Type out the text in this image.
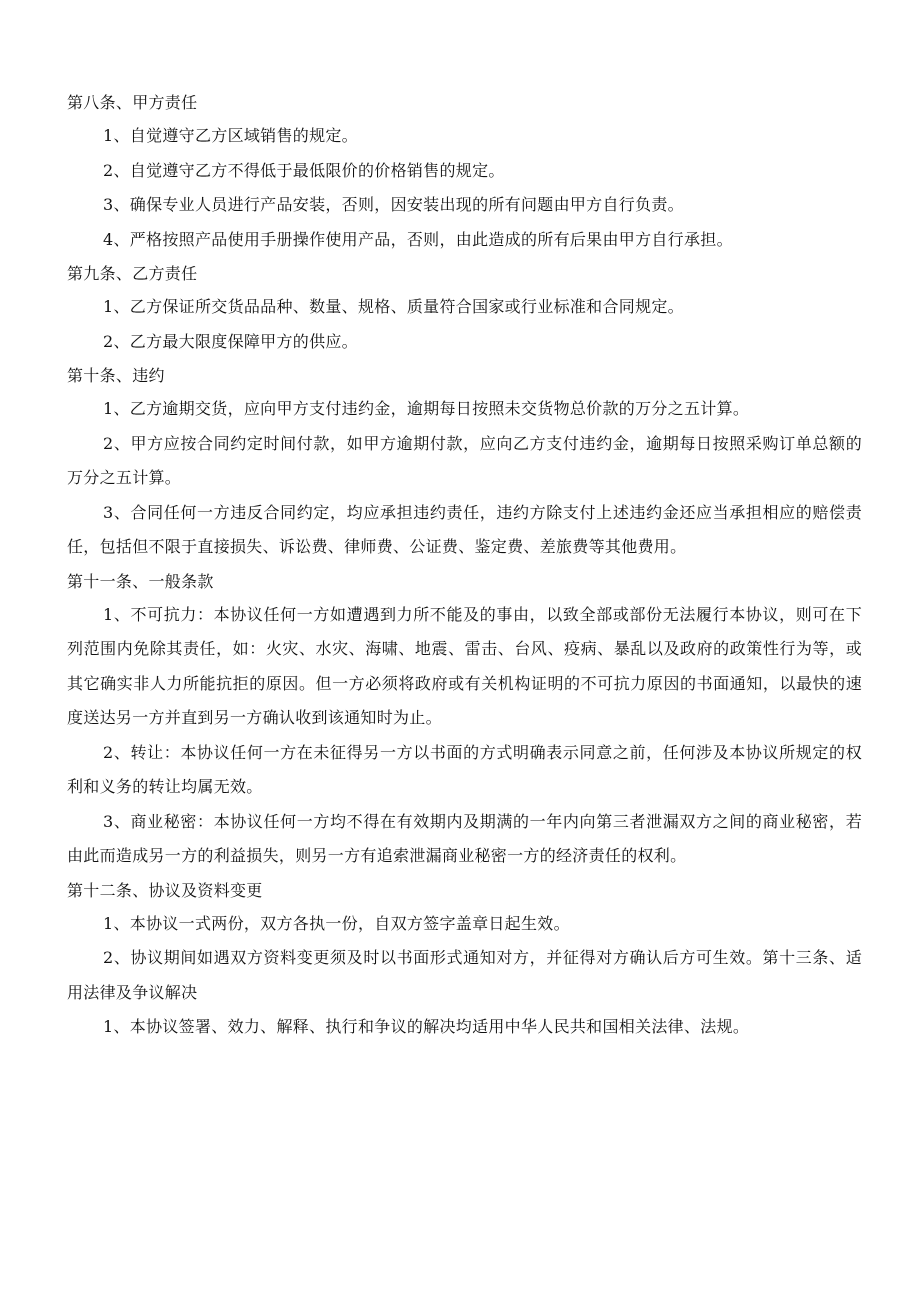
第八条、甲方责任

1、自觉遵守乙方区域销售的规定。

2、自觉遵守乙方不得低于最低限价的价格销售的规定。

3、确保专业人员进行产品安装，否则，因安装出现的所有问题由甲方自行负责。

4、严格按照产品使用手册操作使用产品，否则，由此造成的所有后果由甲方自行承担。

第九条、乙方责任

1、乙方保证所交货品品种、数量、规格、质量符合国家或行业标准和合同规定。

2、乙方最大限度保障甲方的供应。

第十条、违约

1、乙方逾期交货，应向甲方支付违约金，逾期每日按照未交货物总价款的万分之五计算。

2、甲方应按合同约定时间付款，如甲方逾期付款，应向乙方支付违约金，逾期每日按照采购订单总额的万分之五计算。

3、合同任何一方违反合同约定，均应承担违约责任，违约方除支付上述违约金还应当承担相应的赔偿责任，包括但不限于直接损失、诉讼费、律师费、公证费、鉴定费、差旅费等其他费用。

第十一条、一般条款

1、不可抗力：本协议任何一方如遭遇到力所不能及的事由，以致全部或部份无法履行本协议，则可在下列范围内免除其责任，如：火灾、水灾、海啸、地震、雷击、台风、疫病、暴乱以及政府的政策性行为等，或其它确实非人力所能抗拒的原因。但一方必须将政府或有关机构证明的不可抗力原因的书面通知，以最快的速度送达另一方并直到另一方确认收到该通知时为止。

2、转让：本协议任何一方在未征得另一方以书面的方式明确表示同意之前，任何涉及本协议所规定的权利和义务的转让均属无效。

3、商业秘密：本协议任何一方均不得在有效期内及期满的一年内向第三者泄漏双方之间的商业秘密，若由此而造成另一方的利益损失，则另一方有追索泄漏商业秘密一方的经济责任的权利。

第十二条、协议及资料变更

1、本协议一式两份，双方各执一份，自双方签字盖章日起生效。

2、协议期间如遇双方资料变更须及时以书面形式通知对方，并征得对方确认后方可生效。第十三条、适用法律及争议解决

1、本协议签署、效力、解释、执行和争议的解决均适用中华人民共和国相关法律、法规。
